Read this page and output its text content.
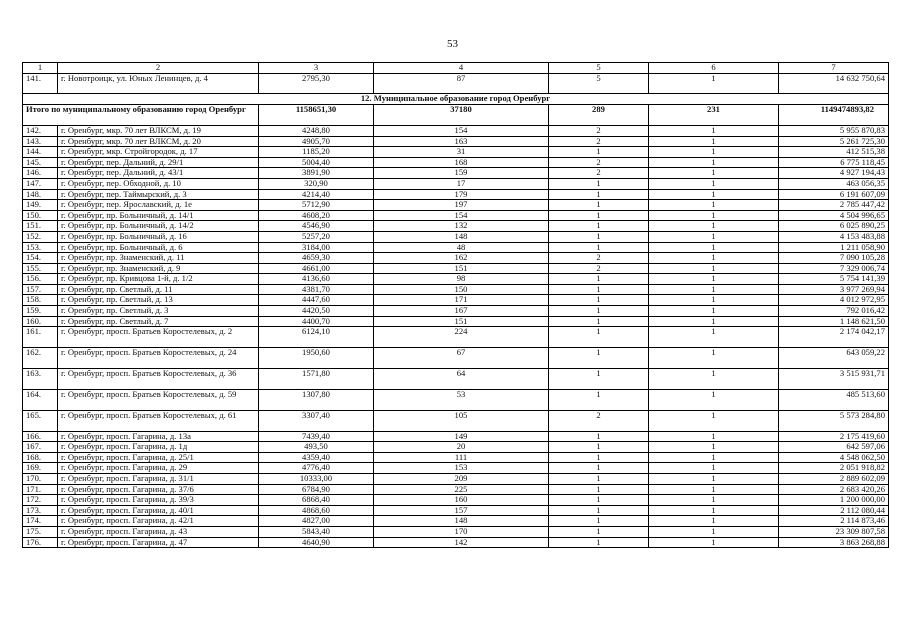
53
1	2	3	4	5	6	7
141.	г. Новотроицк, ул. Юных Ленинцев, д. 4	2795,30	87	5	1	14 632 750,64
12. Муниципальное образование город Оренбург						
Итого по муниципальному образованию город Оренбург		1158651,30	37180	289	231	1149474893,82
142.	г. Оренбург, мкр. 70 лет ВЛКСМ, д. 19	4248,80	154	2	1	5 955 870,83
143.	г. Оренбург, мкр. 70 лет ВЛКСМ, д. 20	4905,70	163	2	1	5 261 725,30
144.	г. Оренбург, мкр. Стройгородок, д. 17	1185,20	31	1	1	412 515,38
145.	г. Оренбург, пер. Дальний, д. 29/1	5004,40	168	2	1	6 775 118,45
146.	г. Оренбург, пер. Дальний, д. 43/1	3891,90	159	2	1	4 927 194,43
147.	г. Оренбург, пер. Обходной, д. 10	320,90	17	1	1	463 056,35
148.	г. Оренбург, пер. Таймырский, д. 3	4214,40	179	1	1	6 191 607,09
149.	г. Оренбург, пер. Ярославский, д. 1е	5712,90	197	1	1	2 785 447,42
150.	г. Оренбург, пр. Больничный, д. 14/1	4608,20	154	1	1	4 504 996,65
151.	г. Оренбург, пр. Больничный, д. 14/2	4546,90	132	1	1	6 025 890,25
152.	г. Оренбург, пр. Больничный, д. 16	5257,20	148	1	1	4 153 483,88
153.	г. Оренбург, пр. Больничный, д. 6	3184,00	48	1	1	1 211 058,90
154.	г. Оренбург, пр. Знаменский, д. 11	4659,30	162	2	1	7 090 105,28
155.	г. Оренбург, пр. Знаменский, д. 9	4661,00	151	2	1	7 329 006,74
156.	г. Оренбург, пр. Кривцова 1-й, д. 1/2	4136,60	98	1	1	5 754 141,39
157.	г. Оренбург, пр. Светлый, д. 11	4381,70	150	1	1	3 977 269,94
158.	г. Оренбург, пр. Светлый, д. 13	4447,60	171	1	1	4 012 972,95
159.	г. Оренбург, пр. Светлый, д. 3	4420,50	167	1	1	792 016,42
160.	г. Оренбург, пр. Светлый, д. 7	4400,70	151	1	1	1 148 621,50
161.	г. Оренбург, просп. Братьев Коростелевых, д. 2	6124,10	224	1	1	2 174 042,17
162.	г. Оренбург, просп. Братьев Коростелевых, д. 24	1950,60	67	1	1	643 059,22
163.	г. Оренбург, просп. Братьев Коростелевых, д. 36	1571,80	64	1	1	3 515 931,71
164.	г. Оренбург, просп. Братьев Коростелевых, д. 59	1307,80	53	1	1	485 513,60
165.	г. Оренбург, просп. Братьев Коростелевых, д. 61	3307,40	105	2	1	5 573 284,80
166.	г. Оренбург, просп. Гагарина, д. 13а	7439,40	149	1	1	2 175 419,60
167.	г. Оренбург, просп. Гагарина, д. 1д	493,50	20	1	1	642 597,06
168.	г. Оренбург, просп. Гагарина, д. 25/1	4359,40	111	1	1	4 548 062,50
169.	г. Оренбург, просп. Гагарина, д. 29	4776,40	153	1	1	2 051 918,82
170.	г. Оренбург, просп. Гагарина, д. 31/1	10333,00	209	1	1	2 889 602,09
171.	г. Оренбург, просп. Гагарина, д. 37/6	6784,90	225	1	1	2 683 420,26
172.	г. Оренбург, просп. Гагарина, д. 39/3	6868,40	160	1	1	1 200 000,00
173.	г. Оренбург, просп. Гагарина, д. 40/1	4868,60	157	1	1	2 112 080,44
174.	г. Оренбург, просп. Гагарина, д. 42/1	4827,00	148	1	1	2 114 873,46
175.	г. Оренбург, просп. Гагарина, д. 43	5843,40	170	1	1	23 309 807,58
176.	г. Оренбург, просп. Гагарина, д. 47	4640,90	142	1	1	3 863 268,88
